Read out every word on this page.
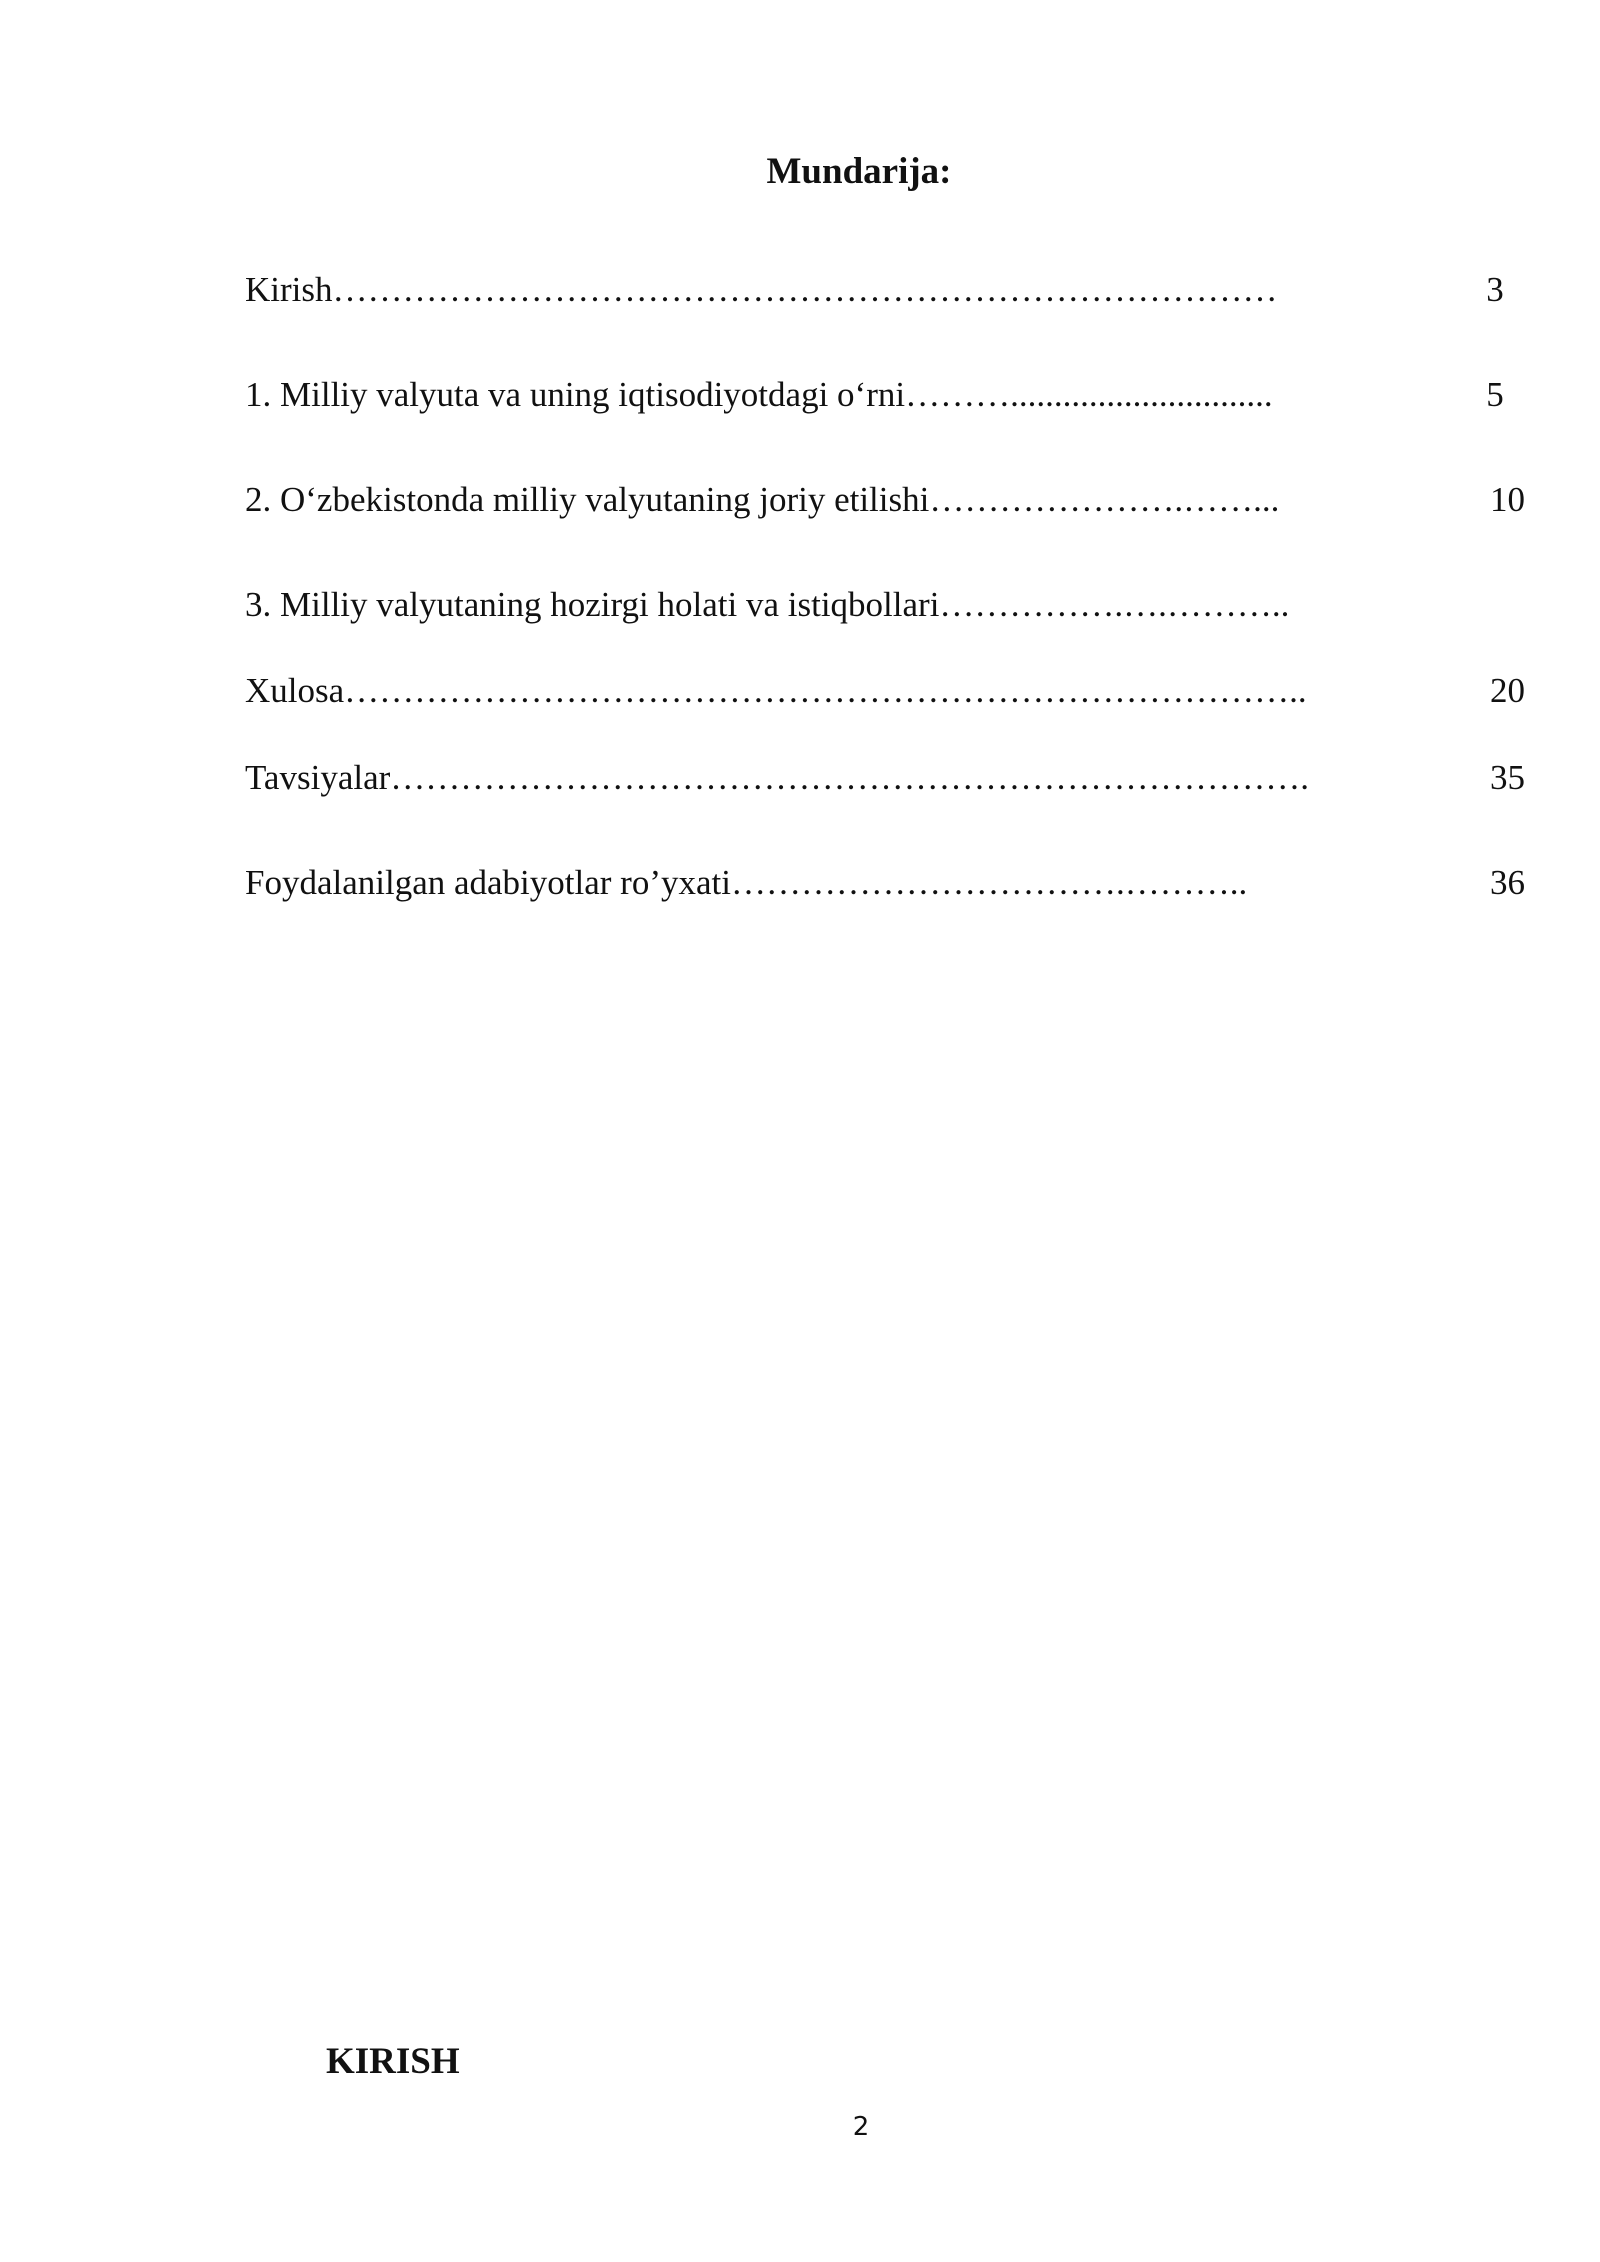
Mundarija:
Kirish………………………………………………………………………	3
1. Milliy valyuta va uning iqtisodiyotdagi o‘rni………..............................	5
2. O‘zbekistonda milliy valyutaning joriy etilishi………………….……...	10
3. Milliy valyutaning hozirgi holati va istiqbollari…………….….………..
Xulosa………………………………………………………………………..	20
Tavsiyalar…………………………………………………………………….	35
Foydalanilgan adabiyotlar ro’yxati…………………………….………..	36
KIRISH
2
